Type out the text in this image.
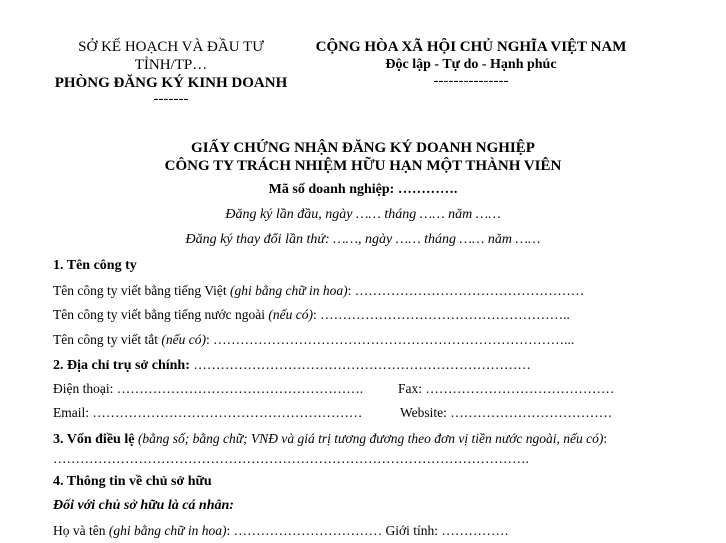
SỞ KẾ HOẠCH VÀ ĐẦU TƯ
TỈNH/TP…
PHÒNG ĐĂNG KÝ KINH DOANH
-------
CỘNG HÒA XÃ HỘI CHỦ NGHĨA VIỆT NAM
Độc lập - Tự do - Hạnh phúc
---------------
GIẤY CHỨNG NHẬN ĐĂNG KÝ DOANH NGHIỆP
CÔNG TY TRÁCH NHIỆM HỮU HẠN MỘT THÀNH VIÊN
Mã số doanh nghiệp: ………….
Đăng ký lần đầu, ngày …… tháng …… năm ……
Đăng ký thay đổi lần thứ: ……, ngày …… tháng …… năm ……
1. Tên công ty
Tên công ty viết bằng tiếng Việt (ghi bằng chữ in hoa): ……………………………………………
Tên công ty viết bằng tiếng nước ngoài (nếu có): ………………………………………………..
Tên công ty viết tắt (nếu có): ……………………………………………………………………...
2. Địa chỉ trụ sở chính: …………………………………………………………………
Điện thoại: ……………………………………………….	Fax: ……………………………………
Email: ……………………………………………………	Website: ………………………………
3. Vốn điều lệ (bằng số; bằng chữ; VNĐ và giá trị tương đương theo đơn vị tiền nước ngoài, nếu có):
…………………………………………………………………………………………….
4. Thông tin về chủ sở hữu
Đối với chủ sở hữu là cá nhân:
Họ và tên (ghi bằng chữ in hoa): …………………………… Giới tính: ……………
